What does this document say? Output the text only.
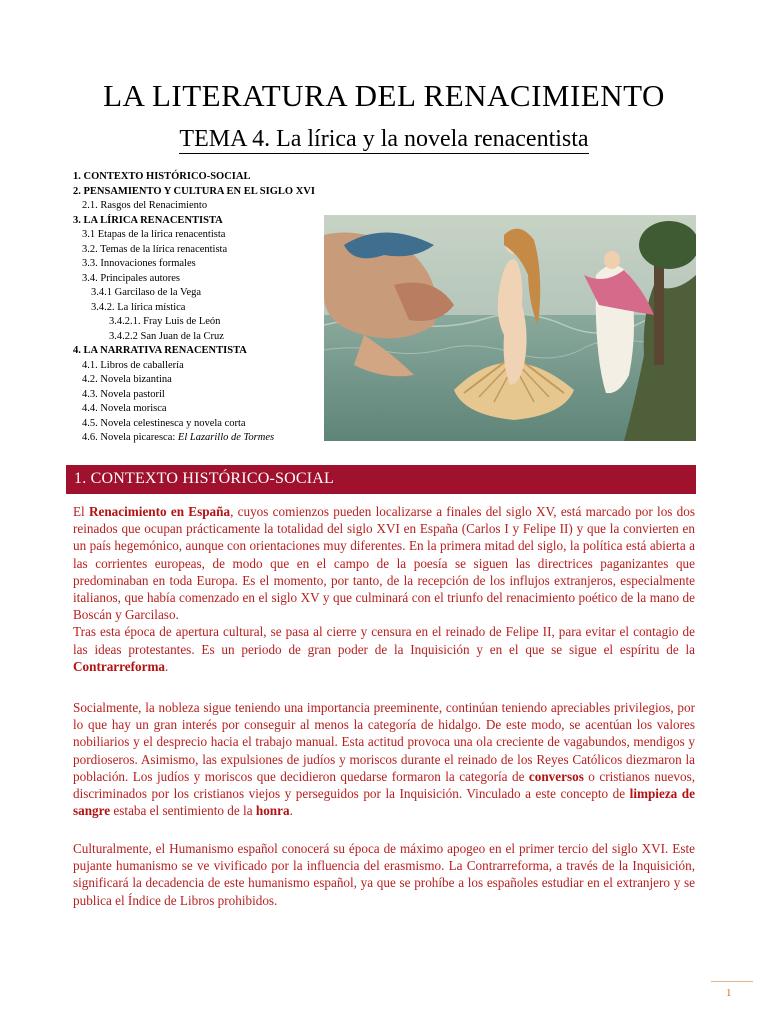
LA LITERATURA DEL RENACIMIENTO
TEMA 4. La lírica y la novela renacentista
1. CONTEXTO HISTÓRICO-SOCIAL
2. PENSAMIENTO Y CULTURA EN EL SIGLO XVI
2.1. Rasgos del Renacimiento
3. LA LÍRICA RENACENTISTA
3.1 Etapas de la lírica renacentista
3.2. Temas de la lírica renacentista
3.3. Innovaciones formales
3.4. Principales autores
3.4.1 Garcilaso de la Vega
3.4.2. La lírica mística
3.4.2.1. Fray Luis de León
3.4.2.2 San Juan de la Cruz
4. LA NARRATIVA RENACENTISTA
4.1. Libros de caballería
4.2. Novela bizantina
4.3. Novela pastoril
4.4. Novela morisca
4.5. Novela celestinesca y novela corta
4.6. Novela picaresca: El Lazarillo de Tormes
1. CONTEXTO HISTÓRICO-SOCIAL

El Renacimiento en España, cuyos comienzos pueden localizarse a finales del siglo XV, está marcado por los dos reinados que ocupan prácticamente la totalidad del siglo XVI en España (Carlos I y Felipe II) y que la convierten en un país hegemónico, aunque con orientaciones muy diferentes. En la primera mitad del siglo, la política está abierta a las corrientes europeas, de modo que en el campo de la poesía se siguen las directrices paganizantes que predominaban en toda Europa. Es el momento, por tanto, de la recepción de los influjos extranjeros, especialmente italianos, que había comenzado en el siglo XV y que culminará con el triunfo del renacimiento poético de la mano de Boscán y Garcilaso.
Tras esta época de apertura cultural, se pasa al cierre y censura en el reinado de Felipe II, para evitar el contagio de las ideas protestantes. Es un periodo de gran poder de la Inquisición y en el que se sigue el espíritu de la Contrarreforma.

Socialmente, la nobleza sigue teniendo una importancia preeminente, continúan teniendo apreciables privilegios, por lo que hay un gran interés por conseguir al menos la categoría de hidalgo. De este modo, se acentúan los valores nobiliarios y el desprecio hacia el trabajo manual. Esta actitud provoca una ola creciente de vagabundos, mendigos y pordioseros. Asimismo, las expulsiones de judíos y moriscos durante el reinado de los Reyes Católicos diezmaron la población. Los judíos y moriscos que decidieron quedarse formaron la categoría de conversos o cristianos nuevos, discriminados por los cristianos viejos y perseguidos por la Inquisición. Vinculado a este concepto de limpieza de sangre estaba el sentimiento de la honra.

Culturalmente, el Humanismo español conocerá su época de máximo apogeo en el primer tercio del siglo XVI. Este pujante humanismo se ve vivificado por la influencia del erasmismo. La Contrarreforma, a través de la Inquisición, significará la decadencia de este humanismo español, ya que se prohíbe a los españoles estudiar en el extranjero y se publica el Índice de Libros prohibidos.

1
